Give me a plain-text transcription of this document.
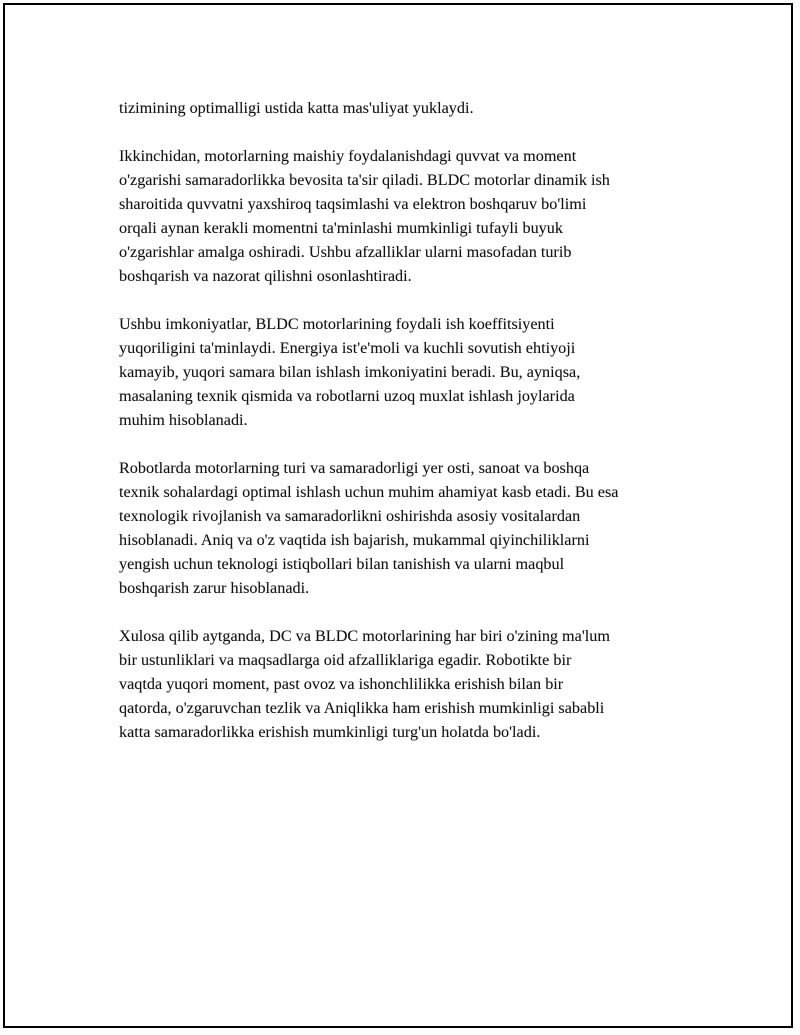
tizimining optimalligi ustida katta mas'uliyat yuklaydi.

Ikkinchidan, motorlarning maishiy foydalanishdagi quvvat va moment
o'zgarishi samaradorlikka bevosita ta'sir qiladi. BLDC motorlar dinamik ish
sharoitida quvvatni yaxshiroq taqsimlashi va elektron boshqaruv bo'limi
orqali aynan kerakli momentni ta'minlashi mumkinligi tufayli buyuk
o'zgarishlar amalga oshiradi. Ushbu afzalliklar ularni masofadan turib
boshqarish va nazorat qilishni osonlashtiradi.

Ushbu imkoniyatlar, BLDC motorlarining foydali ish koeffitsiyenti
yuqoriligini ta'minlaydi. Energiya ist'e'moli va kuchli sovutish ehtiyoji
kamayib, yuqori samara bilan ishlash imkoniyatini beradi. Bu, ayniqsa,
masalaning texnik qismida va robotlarni uzoq muxlat ishlash joylarida
muhim hisoblanadi.

Robotlarda motorlarning turi va samaradorligi yer osti, sanoat va boshqa
texnik sohalardagi optimal ishlash uchun muhim ahamiyat kasb etadi. Bu esa
texnologik rivojlanish va samaradorlikni oshirishda asosiy vositalardan
hisoblanadi. Aniq va o'z vaqtida ish bajarish, mukammal qiyinchiliklarni
yengish uchun teknologi istiqbollari bilan tanishish va ularni maqbul
boshqarish zarur hisoblanadi.

Xulosa qilib aytganda, DC va BLDC motorlarining har biri o'zining ma'lum
bir ustunliklari va maqsadlarga oid afzalliklariga egadir. Robotikte bir
vaqtda yuqori moment, past ovoz va ishonchlilikka erishish bilan bir
qatorda, o'zgaruvchan tezlik va Aniqlikka ham erishish mumkinligi sababli
katta samaradorlikka erishish mumkinligi turg'un holatda bo'ladi.
